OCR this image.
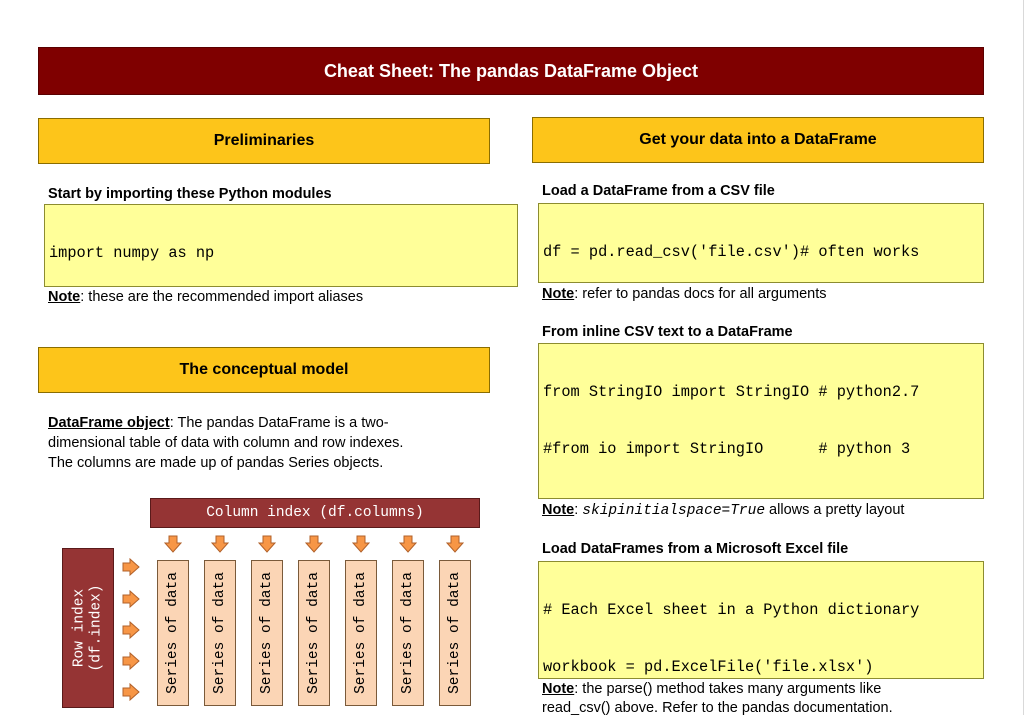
Cheat Sheet: The pandas DataFrame Object
Preliminaries
Start by importing these Python modules

import numpy as np

Note: these are the recommended import aliases
The conceptual model
DataFrame object: The pandas DataFrame is a two-
dimensional table of data with column and row indexes.
The columns are made up of pandas Series objects.
Column index (df.columns)
Row index (df.index)	Series of data Series of data Series of data Series of data Series of data Series of data Series of data
Get your data into a DataFrame
Load a DataFrame from a CSV file

df = pd.read_csv('file.csv')# often works

Note: refer to pandas docs for all arguments
From inline CSV text to a DataFrame

from StringIO import StringIO # python2.7

#from io import StringIO      # python 3

Note: skipinitialspace=True allows a pretty layout
Load DataFrames from a Microsoft Excel file

# Each Excel sheet in a Python dictionary

workbook = pd.ExcelFile('file.xlsx')

Note: the parse() method takes many arguments like
read_csv() above. Refer to the pandas documentation.
